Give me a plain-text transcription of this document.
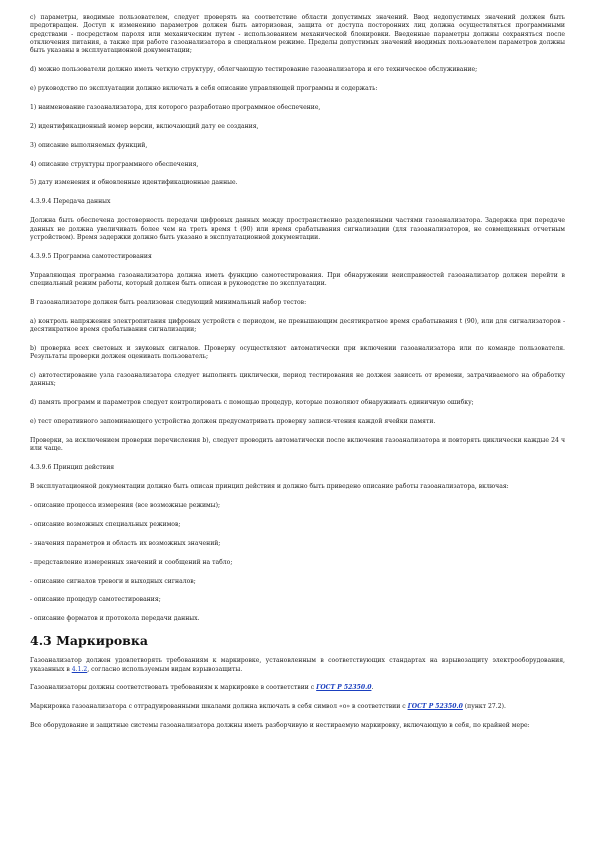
с) параметры, вводимые пользователем, следует проверять на соответствие области допустимых значений. Ввод недопустимых значений должен быть предотвращен. Доступ к изменению параметров должен быть авторизован, защита от доступа посторонних лиц должна осуществляться программными средствами - посредством пароля или механическим путем - использованием механической блокировки. Введенные параметры должны сохраняться после отключения питания, а также при работе газоанализатора в специальном режиме. Пределы допустимых значений вводимых пользователем параметров должны быть указаны в эксплуатационной документации;

d) можно пользователи должно иметь четкую структуру, облегчающую тестирование газоанализатора и его техническое обслуживание;

е) руководство по эксплуатации должно включать в себя описание управляющей программы и содержать:

1) наименование газоанализатора, для которого разработано программное обеспечение,

2) идентификационный номер версии, включающий дату ее создания,

3) описание выполняемых функций,

4) описание структуры программного обеспечения,

5) дату изменения и обновленные идентификационные данные.

4.3.9.4 Передача данных

Должна быть обеспечена достоверность передачи цифровых данных между пространственно разделенными частями газоанализатора. Задержка при передаче данных не должна увеличивать более чем на треть время t (90) или время срабатывания сигнализации (для газоанализаторов, не совмещенных отчетным устройством). Время задержки должно быть указано в эксплуатационной документации.

4.3.9.5 Программа самотестирования

Управляющая программа газоанализатора должна иметь функцию самотестирования. При обнаружении неисправностей газоанализатор должен перейти в специальный режим работы, который должен быть описан в руководстве по эксплуатации.

В газоанализаторе должен быть реализован следующий минимальный набор тестов:

а) контроль напряжения электропитания цифровых устройств с периодом, не превышающим десятикратное время срабатывания t (90), или для сигнализаторов - десятикратное время срабатывания сигнализации;

b) проверка всех световых и звуковых сигналов. Проверку осуществляют автоматически при включении газоанализатора или по команде пользователя. Результаты проверки должен оценивать пользователь;

с) автотестирование узла газоанализатора следует выполнять циклически, период тестирования не должен зависеть от времени, затрачиваемого на обработку данных;

d) память программ и параметров следует контролировать с помощью процедур, которые позволяют обнаруживать единичную ошибку;

е) тест оперативного запоминающего устройства должен предусматривать проверку записи-чтения каждой ячейки памяти.

Проверки, за исключением проверки перечисления b), следует проводить автоматически после включения газоанализатора и повторять циклически каждые 24 ч или чаще.

4.3.9.6 Принцип действия

В эксплуатационной документации должно быть описан принцип действия и должно быть приведено описание работы газоанализатора, включая:

- описание процесса измерения (все возможные режимы);

- описание возможных специальных режимов;

- значения параметров и область их возможных значений;

- представление измеренных значений и сообщений на табло;

- описание сигналов тревоги и выходных сигналов;

- описание процедур самотестирования;

- описание форматов и протокола передачи данных.

4.3 Маркировка

Газоанализатор должен удовлетворять требованиям к маркировке, установленным в соответствующих стандартах на взрывозащиту электрооборудования, указанных в 4.1.2, согласно используемым видам взрывозащиты.

Газоанализаторы должны соответствовать требованиям к маркировке в соответствии с ГОСТ Р 52350.0.

Маркировка газоанализатора с отградуированными шкалами должна включать в себя символ «о» в соответствии с ГОСТ Р 52350.0 (пункт 27.2).

Все оборудование и защитные системы газоанализатора должны иметь разборчивую и нестираемую маркировку, включающую в себя, по крайней мере:
